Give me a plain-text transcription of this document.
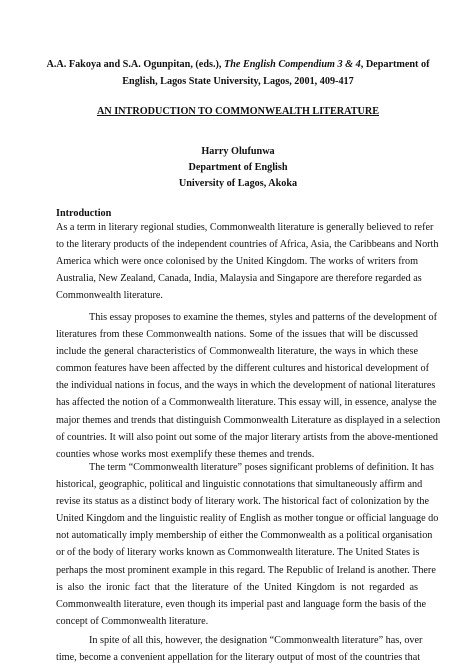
A.A. Fakoya and S.A. Ogunpitan, (eds.), The English Compendium 3 & 4, Department of
English, Lagos State University, Lagos, 2001, 409-417
AN INTRODUCTION TO COMMONWEALTH LITERATURE
Harry Olufunwa
Department of English
University of Lagos, Akoka
Introduction
As a term in literary regional studies, Commonwealth literature is generally believed to refer
to the literary products of the independent countries of Africa, Asia, the Caribbeans and North
America which were once colonised by the United Kingdom. The works of writers from
Australia, New Zealand, Canada, India, Malaysia and Singapore are therefore regarded as
Commonwealth literature.
This essay proposes to examine the themes, styles and patterns of the development of
literatures from these Commonwealth nations. Some of the issues that will be discussed
include the general characteristics of Commonwealth literature, the ways in which these
common features have been affected by the different cultures and historical development of
the individual nations in focus, and the ways in which the development of national literatures
has affected the notion of a Commonwealth literature. This essay will, in essence, analyse the
major themes and trends that distinguish Commonwealth Literature as displayed in a selection
of countries. It will also point out some of the major literary artists from the above-mentioned
counties whose works most exemplify these themes and trends.
The term “Commonwealth literature” poses significant problems of definition. It has
historical, geographic, political and linguistic connotations that simultaneously affirm and
revise its status as a distinct body of literary work. The historical fact of colonization by the
United Kingdom and the linguistic reality of English as mother tongue or official language do
not automatically imply membership of either the Commonwealth as a political organisation
or of the body of literary works known as Commonwealth literature. The United States is
perhaps the most prominent example in this regard. The Republic of Ireland is another. There
is also the ironic fact that the literature of the United Kingdom is not regarded as
Commonwealth literature, even though its imperial past and language form the basis of the
concept of Commonwealth literature.
In spite of all this, however, the designation “Commonwealth literature” has, over
time, become a convenient appellation for the literary output of most of the countries that
